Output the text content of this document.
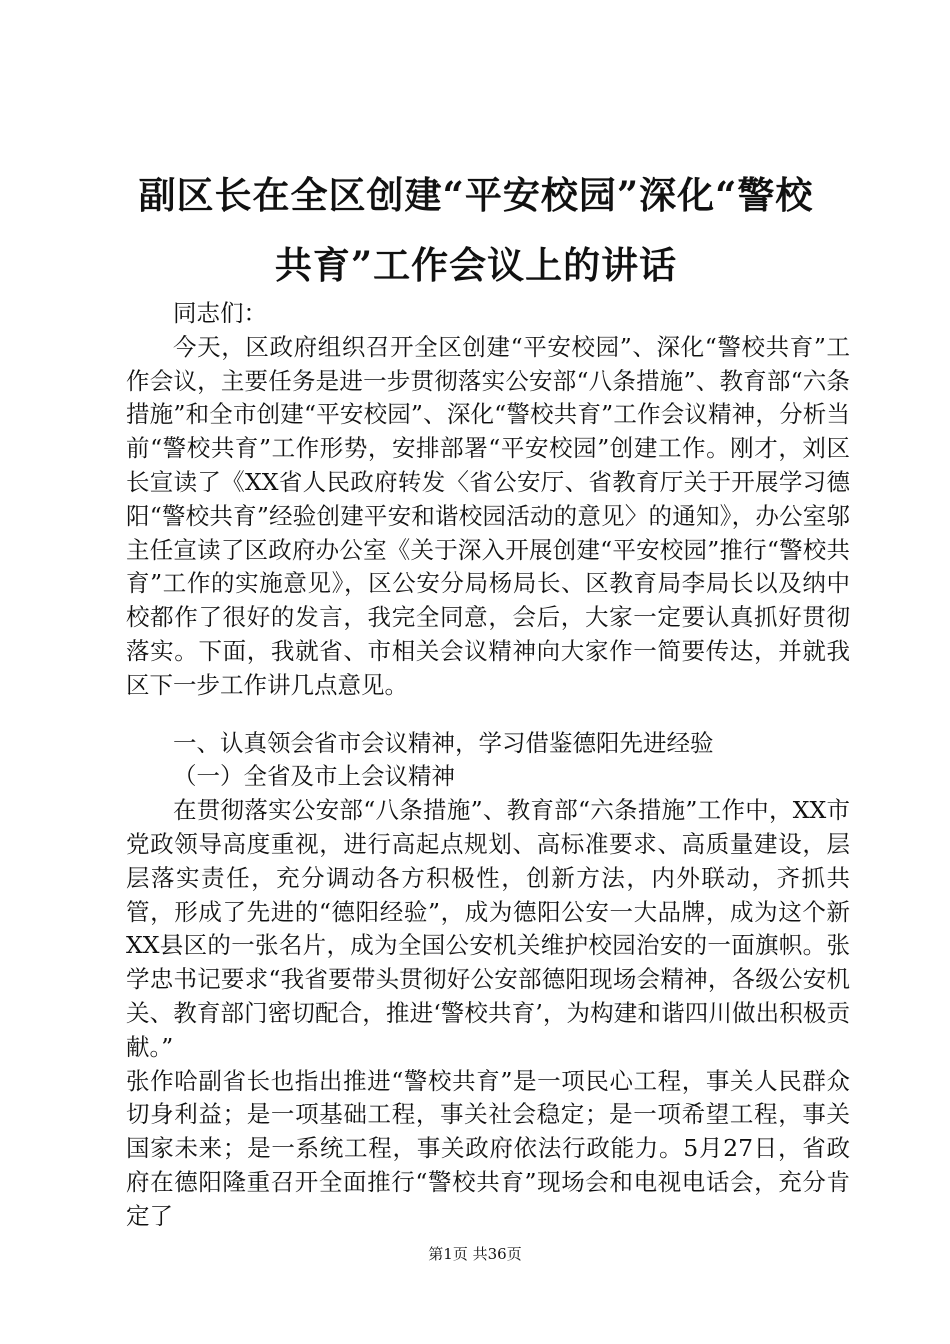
副区长在全区创建“平安校园”深化“警校共育”工作会议上的讲话

同志们：

今天，区政府组织召开全区创建“平安校园”、深化“警校共育”工作会议，主要任务是进一步贯彻落实公安部“八条措施”、教育部“六条措施”和全市创建“平安校园”、深化“警校共育”工作会议精神，分析当前“警校共育”工作形势，安排部署“平安校园”创建工作。刚才，刘区长宣读了《XX省人民政府转发〈省公安厅、省教育厅关于开展学习德阳“警校共育”经验创建平安和谐校园活动的意见〉的通知》，办公室邬主任宣读了区政府办公室《关于深入开展创建“平安校园”推行“警校共育”工作的实施意见》，区公安分局杨局长、区教育局李局长以及纳中校都作了很好的发言，我完全同意，会后，大家一定要认真抓好贯彻落实。下面，我就省、市相关会议精神向大家作一简要传达，并就我区下一步工作讲几点意见。

一、认真领会省市会议精神，学习借鉴德阳先进经验

（一）全省及市上会议精神

在贯彻落实公安部“八条措施”、教育部“六条措施”工作中，XX市党政领导高度重视，进行高起点规划、高标准要求、高质量建设，层层落实责任，充分调动各方积极性，创新方法，内外联动，齐抓共管，形成了先进的“德阳经验”，成为德阳公安一大品牌，成为这个新XX县区的一张名片，成为全国公安机关维护校园治安的一面旗帜。张学忠书记要求“我省要带头贯彻好公安部德阳现场会精神，各级公安机关、教育部门密切配合，推进‘警校共育’，为构建和谐四川做出积极贡献。”

张作哈副省长也指出推进“警校共育”是一项民心工程，事关人民群众切身利益；是一项基础工程，事关社会稳定；是一项希望工程，事关国家未来；是一系统工程，事关政府依法行政能力。5月27日，省政府在德阳隆重召开全面推行“警校共育”现场会和电视电话会，充分肯定了

第1页 共36页
